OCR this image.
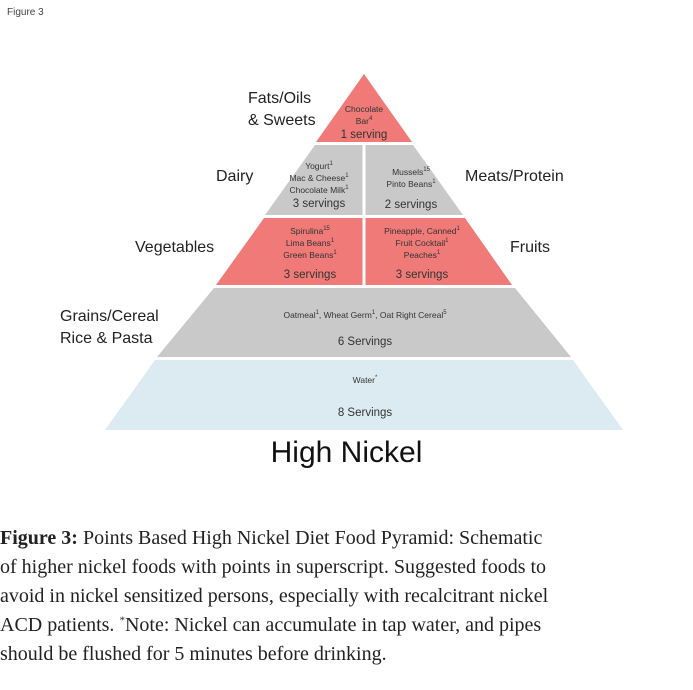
Figure 3
Fats/Oils
& Sweets
Dairy	Meats/Protein
Vegetables	Fruits
Grains/Cereal
Rice & Pasta
Chocolate
Bar$^4$
1 serving
Yogurt$^1$
Mac & Cheese$^1$
Chocolate Milk$^1$
3 servings
Mussels$^{15}$
Pinto Beans$^1$
2 servings
Spirulina$^{15}$
Lima Beans$^1$
Green Beans$^1$
3 servings
Pineapple, Canned$^1$
Fruit Cocktail$^1$
Peaches$^1$
3 servings
Oatmeal$^1$, Wheat Germ$^1$, Oat Right Cereal$^5$
6 Servings
Water*
8 Servings
High Nickel
Figure 3: Points Based High Nickel Diet Food Pyramid: Schematic
of higher nickel foods with points in superscript. Suggested foods to
avoid in nickel sensitized persons, especially with recalcitrant nickel
ACD patients. *Note: Nickel can accumulate in tap water, and pipes
should be flushed for 5 minutes before drinking.
